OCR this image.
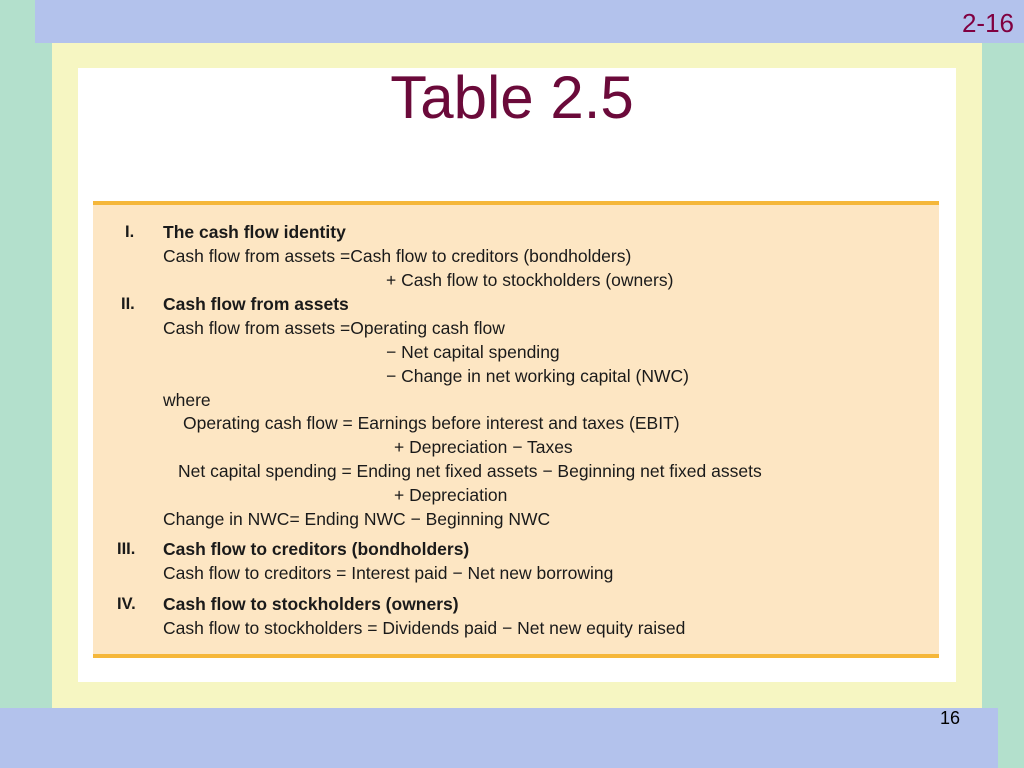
2-16
Table 2.5
I. The cash flow identity
Cash flow from assets =Cash flow to creditors (bondholders)
+ Cash flow to stockholders (owners)
II. Cash flow from assets
Cash flow from assets =Operating cash flow
− Net capital spending
− Change in net working capital (NWC)
where
Operating cash flow = Earnings before interest and taxes (EBIT)
+ Depreciation − Taxes
Net capital spending = Ending net fixed assets − Beginning net fixed assets
+ Depreciation
Change in NWC= Ending NWC − Beginning NWC
III. Cash flow to creditors (bondholders)
Cash flow to creditors = Interest paid − Net new borrowing
IV. Cash flow to stockholders (owners)
Cash flow to stockholders = Dividends paid − Net new equity raised
16
